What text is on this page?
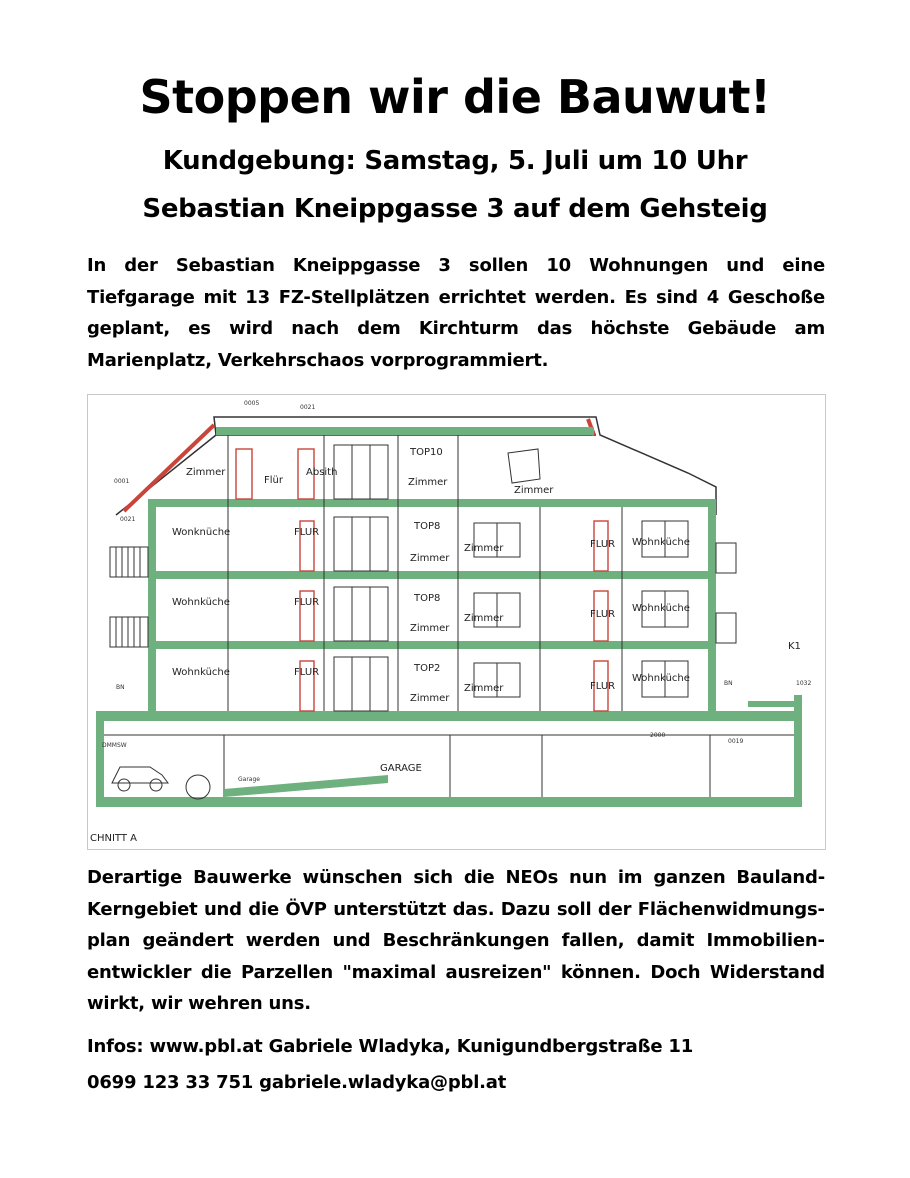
Stoppen wir die Bauwut!
Kundgebung: Samstag, 5. Juli um 10 Uhr
Sebastian Kneippgasse 3 auf dem Gehsteig

In der Sebastian Kneippgasse 3 sollen 10 Wohnungen und eine Tiefgarage mit 13 FZ-Stellplätzen errichtet werden. Es sind 4 Geschoße geplant, es wird nach dem Kirchturm das höchste Gebäude am Marienplatz, Verkehrschaos vorprogrammiert.

Zimmer
Flür
Absith
TOP10
Zimmer
Zimmer
Wonknüche	FLUR
TOP8
Zimmer
Zimmer	FLUR Wohnküche
Wohnküche	FLUR	TOP8
Zimmer
Zimmer	FLUR
Wohnküche
Wohnküche	FLUR	TOP2
Zimmer
Zimmer	FLUR
Wohnküche
GARAGE
BN
BN
K1
DMMSW
Garage
0005
0021
0001
0021
2000
0019
1032
CHNITT A

Derartige Bauwerke wünschen sich die NEOs nun im ganzen Bauland-Kerngebiet und die ÖVP unterstützt das. Dazu soll der Flächenwidmungsplan geändert werden und Beschränkungen fallen, damit Immobilienentwickler die Parzellen "maximal ausreizen" können. Doch Widerstand wirkt, wir wehren uns.

Infos: www.pbl.at Gabriele Wladyka, Kunigundbergstraße 11

0699 123 33 751 gabriele.wladyka@pbl.at
